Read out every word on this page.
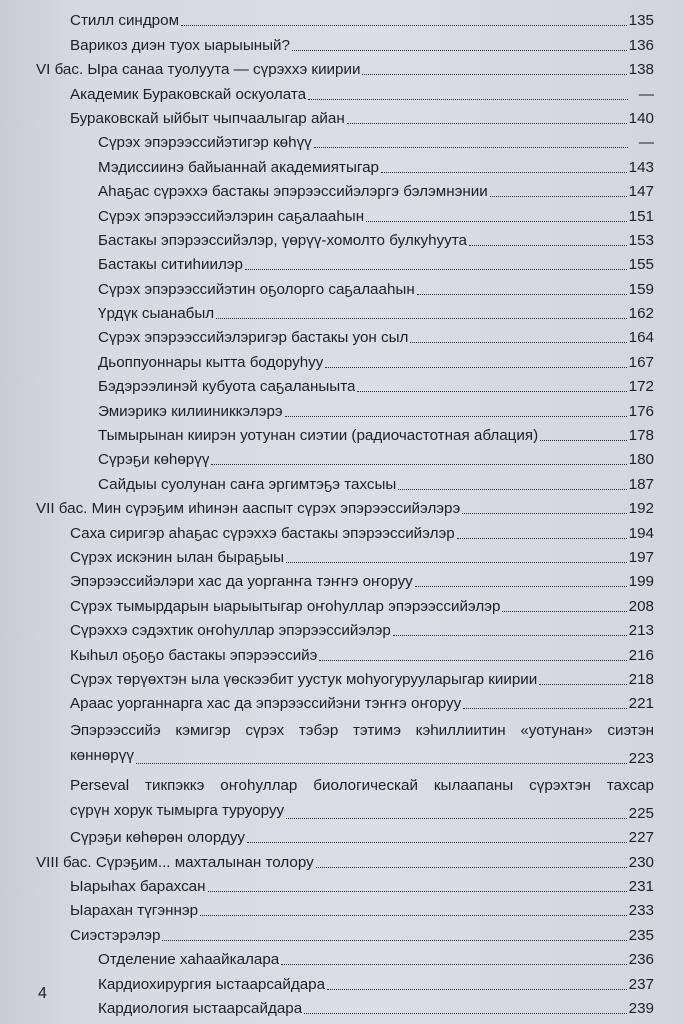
Стилл синдром	135
Варикоз диэн туох ыарыыный?	136
VI бас. Ыра санаа туолуута — сүрэххэ киирии	138
Академик Бураковскай оскуолата	—
Бураковскай ыйбыт чыпчаалыгар айан	140
Сүрэх эпэрээссийэтигэр көһүү	—
Мэдиссиинэ байыаннай академиятыгар	143
Аһаҕас сүрэххэ бастакы эпэрээссийэлэргэ бэлэмнэнии	147
Сүрэх эпэрээссийэлэрин саҕалааһын	151
Бастакы эпэрээссийэлэр, үөрүү-хомолто булкуһуута	153
Бастакы ситиһиилэр	155
Сүрэх эпэрээссийэтин оҕолорго саҕалааһын	159
Үрдүк сыанабыл	162
Сүрэх эпэрээссийэлэригэр бастакы уон сыл	164
Дьоппуоннары кытта бодоруһуу	167
Бэдэрээлинэй кубуота саҕаланыыта	172
Эмиэрикэ килииниккэлэрэ	176
Тымырынан киирэн уотунан сиэтии (радиочастотная аблация)	178
Сүрэҕи көһөрүү	180
Сайдыы суолунан саҥа эргимтэҕэ тахсыы	187
VII бас. Мин сүрэҕим иһинэн ааспыт сүрэх эпэрээссийэлэрэ	192
Саха сиригэр аһаҕас сүрэххэ бастакы эпэрээссийэлэр	194
Сүрэх искэнин ылан быраҕыы	197
Эпэрээссийэлэри хас да уорганҥа тэҥҥэ оҥоруу	199
Сүрэх тымырдарын ыарыытыгар оҥоһуллар эпэрээссийэлэр	208
Сүрэххэ сэдэхтик оҥоһуллар эпэрээссийэлэр	213
Кыһыл оҕоҕо бастакы эпэрээссийэ	216
Сүрэх төрүөхтэн ыла үөскээбит уустук моһуогурууларыгар киирии	218
Араас уорганнарга хас да эпэрээссийэни тэҥҥэ оҥоруу	221
Эпэрээссийэ кэмигэр сүрэх тэбэр тэтимэ кэһиллиитин «уотунан» сиэтэн
көннөрүү	223
Perseval тикпэккэ оҥоһуллар биологическай кылаапаны сүрэхтэн тахсар
сүрүн хорук тымырга туруоруу	225
Сүрэҕи көһөрөн олордуу	227
VIII бас. Сүрэҕим... махталынан толору	230
Ыарыһах барахсан	231
Ыарахан түгэннэр	233
Сиэстэрэлэр	235
Отделение хаһаайкалара	236
Кардиохирургия ыстаарсайдара	237
Кардиология ыстаарсайдара	239
4
